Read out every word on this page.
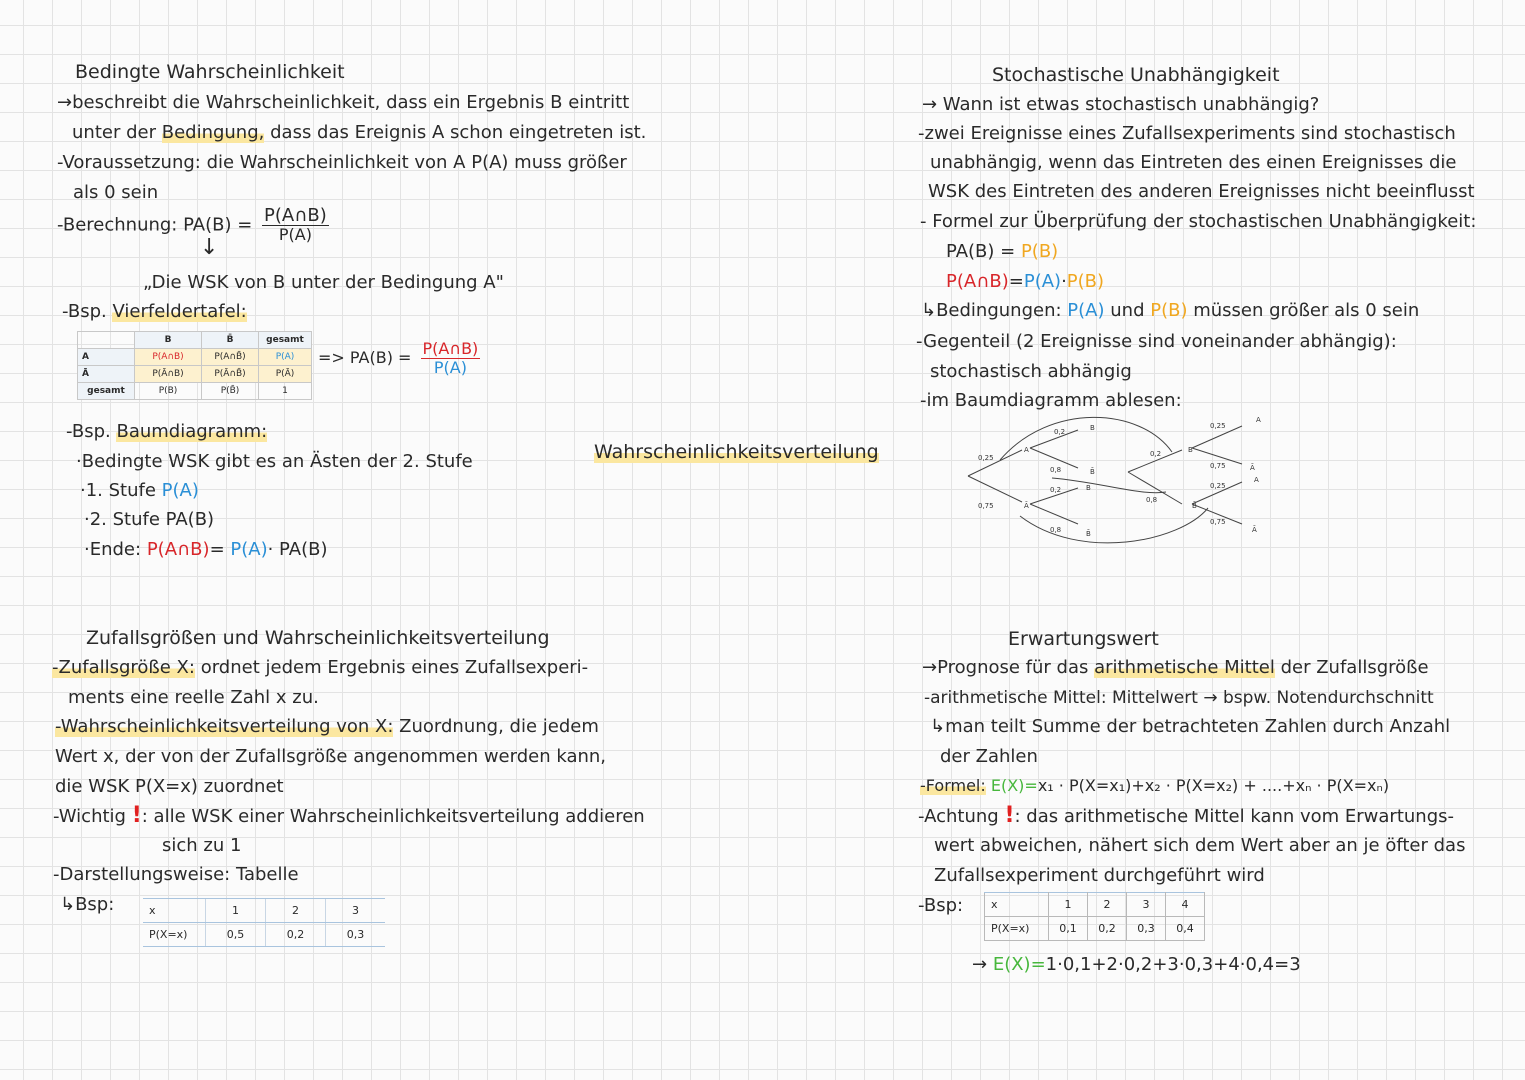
Bedingte Wahrscheinlichkeit
→beschreibt die Wahrscheinlichkeit, dass ein Ergebnis B eintritt
unter der Bedingung, dass das Ereignis A schon eingetreten ist.
-Voraussetzung: die Wahrscheinlichkeit von A P(A) muss größer
als 0 sein
-Berechnung: $PA(B) = \frac{P(A\cap B)}{P(A)}$
↓
„Die WSK von B unter der Bedingung A"
-Bsp. Vierfeldertafel:
	B	B̄	gesamt
A	P(A∩B)	P(A∩B̄)	P(A)
Ā	P(Ā∩B)	P(Ā∩B̄)	P(Ā)
gesamt	P(B)	P(B̄)	1
=> $PA(B) = \frac{P(A\cap B)}{P(A)}$
-Bsp. Baumdiagramm:
·Bedingte WSK gibt es an Ästen der 2. Stufe
·1. Stufe P(A)
·2. Stufe PA(B)
·Ende: P(A∩B)= P(A)· PA(B)
Wahrscheinlichkeitsverteilung
Stochastische Unabhängigkeit
→ Wann ist etwas stochastisch unabhängig?
-zwei Ereignisse eines Zufallsexperiments sind stochastisch
unabhängig, wenn das Eintreten des einen Ereignisses die
WSK des Eintreten des anderen Ereignisses nicht beeinflusst
- Formel zur Überprüfung der stochastischen Unabhängigkeit:
PA(B) = P(B)
P(A∩B)=P(A)·P(B)
↳Bedingungen: P(A) und P(B) müssen größer als 0 sein
-Gegenteil (2 Ereignisse sind voneinander abhängig):
stochastisch abhängig
-im Baumdiagramm ablesen:
0,25
0,75
A
Ā
0,2
0,8
B
B̄
0,2
0,8
B
B̄
0,2
0,8
B
B̄
0,25
0,75
A
Ā
0,25
0,75
A
Ā
Zufallsgrößen und Wahrscheinlichkeitsverteilung
-Zufallsgröße X: ordnet jedem Ergebnis eines Zufallsexperi-
ments eine reelle Zahl x zu.
-Wahrscheinlichkeitsverteilung von X: Zuordnung, die jedem
Wert x, der von der Zufallsgröße angenommen werden kann,
die WSK P(X=x) zuordnet
-Wichtig !: alle WSK einer Wahrscheinlichkeitsverteilung addieren
sich zu 1
-Darstellungsweise: Tabelle
↳Bsp:	x	1	2	3
P(X=x)	0,5	0,2	0,3
Erwartungswert
→Prognose für das arithmetische Mittel der Zufallsgröße
-arithmetische Mittel: Mittelwert → bspw. Notendurchschnitt
↳man teilt Summe der betrachteten Zahlen durch Anzahl
der Zahlen
-Formel: E(X)=x₁ · P(X=x₁)+x₂ · P(X=x₂) + ....+xₙ · P(X=xₙ)
-Achtung !: das arithmetische Mittel kann vom Erwartungs-
wert abweichen, nähert sich dem Wert aber an je öfter das
Zufallsexperiment durchgeführt wird
-Bsp:	x	1	2	3	4
P(X=x)	0,1	0,2	0,3	0,4
→ E(X)=1·0,1+2·0,2+3·0,3+4·0,4=3
